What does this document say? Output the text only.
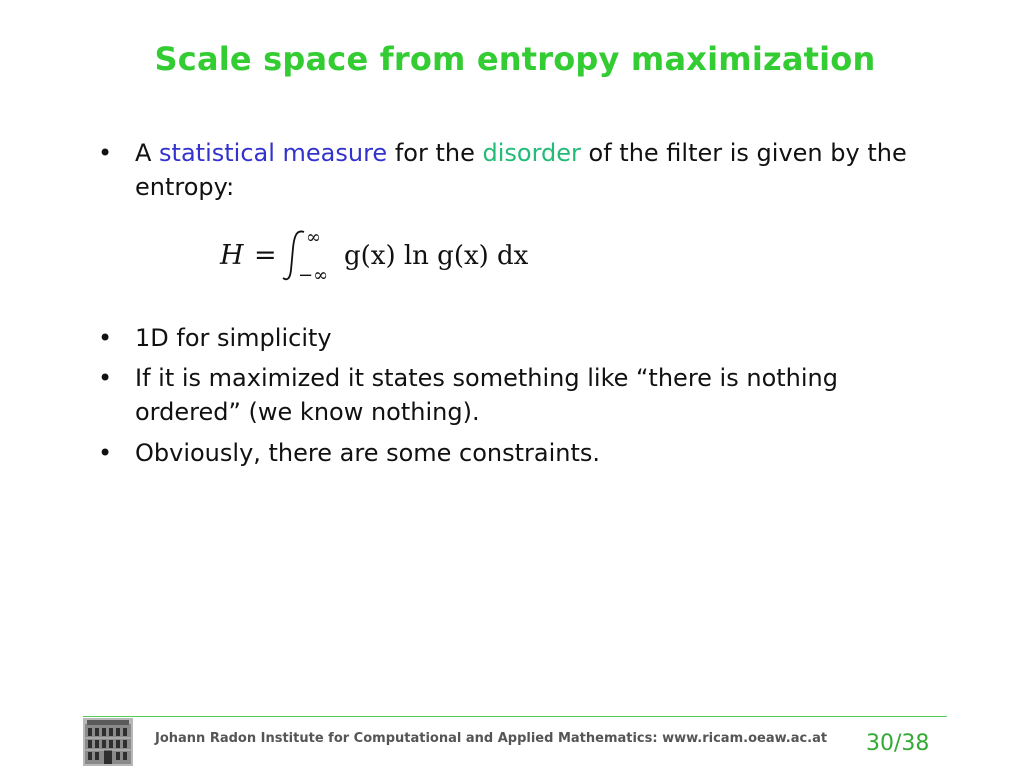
Scale space from entropy maximization
• A statistical measure for the disorder of the filter is given by the entropy:
• 1D for simplicity
• If it is maximized it states something like “there is nothing ordered” (we know nothing).
• Obviously, there are some constraints.
H =
∞
−∞
g(x) ln g(x) dx
Johann Radon Institute for Computational and Applied Mathematics: www.ricam.oeaw.ac.at 30/38
